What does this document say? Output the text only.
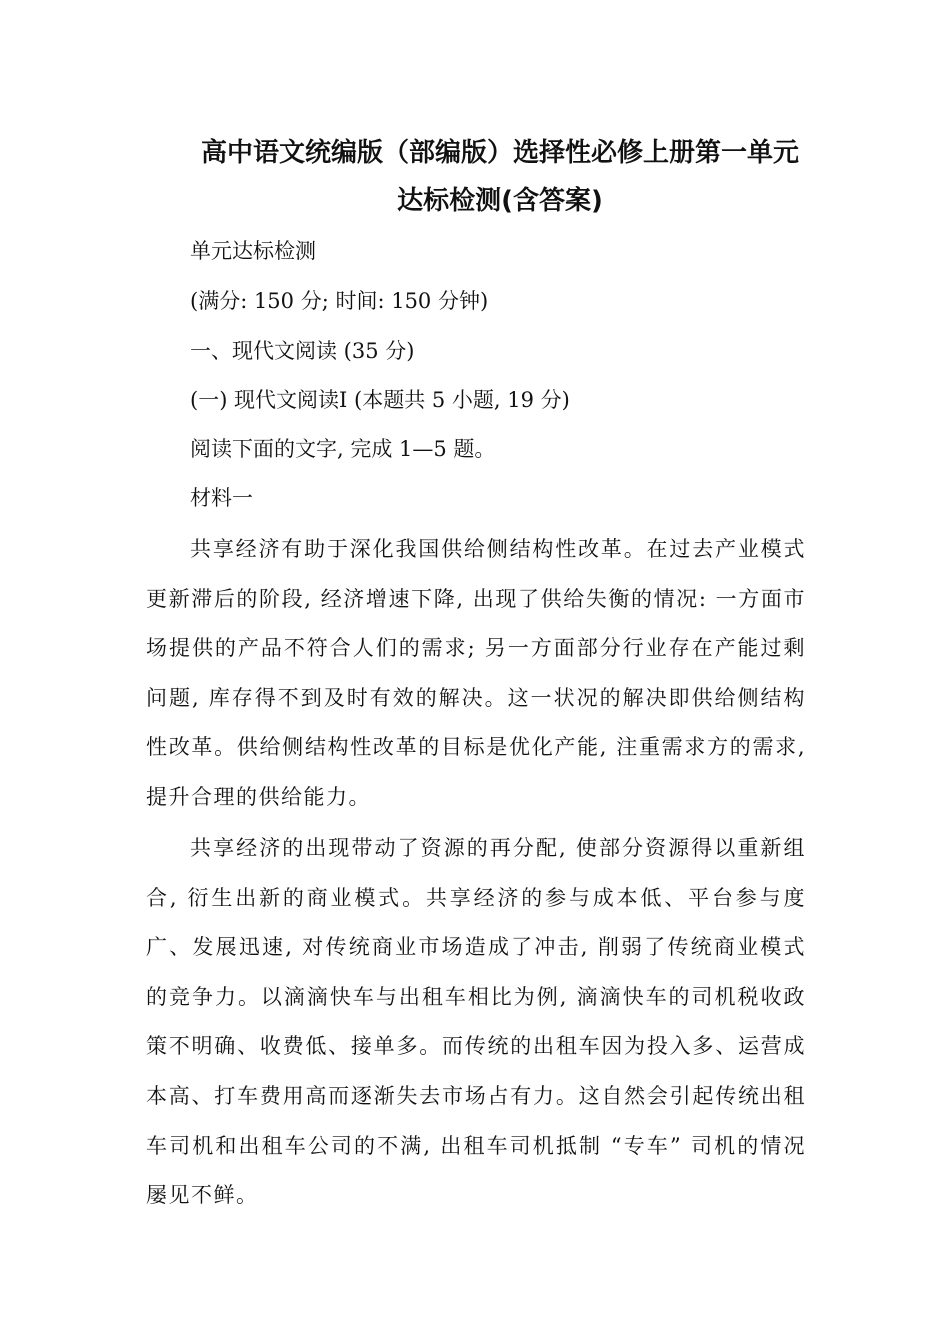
高中语文统编版（部编版）选择性必修上册第一单元
达标检测(含答案)
单元达标检测
(满分: 150 分; 时间: 150 分钟)
一、现代文阅读 (35 分)
(一) 现代文阅读Ⅰ (本题共 5 小题, 19 分)
阅读下面的文字, 完成 1—5 题。
材料一

共享经济有助于深化我国供给侧结构性改革。在过去产业模式更新滞后的阶段, 经济增速下降, 出现了供给失衡的情况: 一方面市场提供的产品不符合人们的需求; 另一方面部分行业存在产能过剩问题, 库存得不到及时有效的解决。这一状况的解决即供给侧结构性改革。供给侧结构性改革的目标是优化产能, 注重需求方的需求, 提升合理的供给能力。

共享经济的出现带动了资源的再分配, 使部分资源得以重新组合, 衍生出新的商业模式。共享经济的参与成本低、平台参与度广、发展迅速, 对传统商业市场造成了冲击, 削弱了传统商业模式的竞争力。以滴滴快车与出租车相比为例, 滴滴快车的司机税收政策不明确、收费低、接单多。而传统的出租车因为投入多、运营成本高、打车费用高而逐渐失去市场占有力。这自然会引起传统出租车司机和出租车公司的不满, 出租车司机抵制 “专车” 司机的情况屡见不鲜。
